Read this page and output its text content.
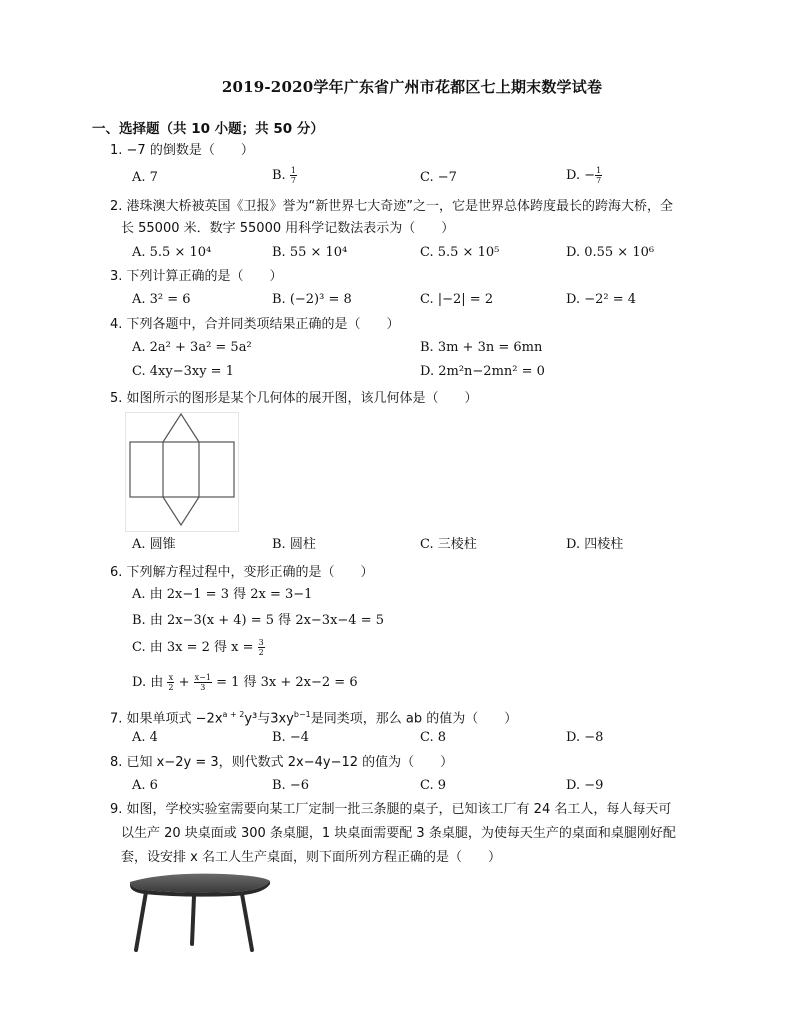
2019-2020学年广东省广州市花都区七上期末数学试卷
一、选择题（共 10 小题；共 50 分）
1. −7 的倒数是（　　）
A. 7	B. $\frac{1}{7}$	C. −7	D. − $\frac{1}{7}$
2. 港珠澳大桥被英国《卫报》誉为“新世界七大奇迹”之一，它是世界总体跨度最长的跨海大桥，全
长 55000 米．数字 55000 用科学记数法表示为（　　）
A. 5.5 × 10⁴	B. 55 × 10⁴	C. 5.5 × 10⁵	D. 0.55 × 10⁶
3. 下列计算正确的是（　　）
A. 3² = 6	B. (−2)³ = 8	C. |−2| = 2	D. −2² = 4
4. 下列各题中，合并同类项结果正确的是（　　）
A. 2a² + 3a² = 5a²	B. 3m + 3n = 6mn
C. 4xy−3xy = 1	D. 2m²n−2mn² = 0
5. 如图所示的图形是某个几何体的展开图，该几何体是（　　）
A. 圆锥	B. 圆柱	C. 三棱柱	D. 四棱柱
6. 下列解方程过程中，变形正确的是（　　）
A. 由 2x−1 = 3 得 2x = 3−1
B. 由 2x−3(x + 4) = 5 得 2x−3x−4 = 5
C. 由 3x = 2 得 $x = \frac{3}{2}$
D. 由 $\frac{x}{2} + \frac{x-1}{3} = 1$ 得 3x + 2x−2 = 6
7. 如果单项式 $-2x^{a + 2}y^3$与$3xy^{b-1}$是同类项，那么 ab 的值为（　　）
A. 4	B. −4	C. 8	D. −8
8. 已知 x−2y = 3，则代数式 2x−4y−12 的值为（　　）
A. 6	B. −6	C. 9	D. −9
9. 如图，学校实验室需要向某工厂定制一批三条腿的桌子，已知该工厂有 24 名工人，每人每天可
以生产 20 块桌面或 300 条桌腿，1 块桌面需要配 3 条桌腿，为使每天生产的桌面和桌腿刚好配
套，设安排 x 名工人生产桌面，则下面所列方程正确的是（　　）
